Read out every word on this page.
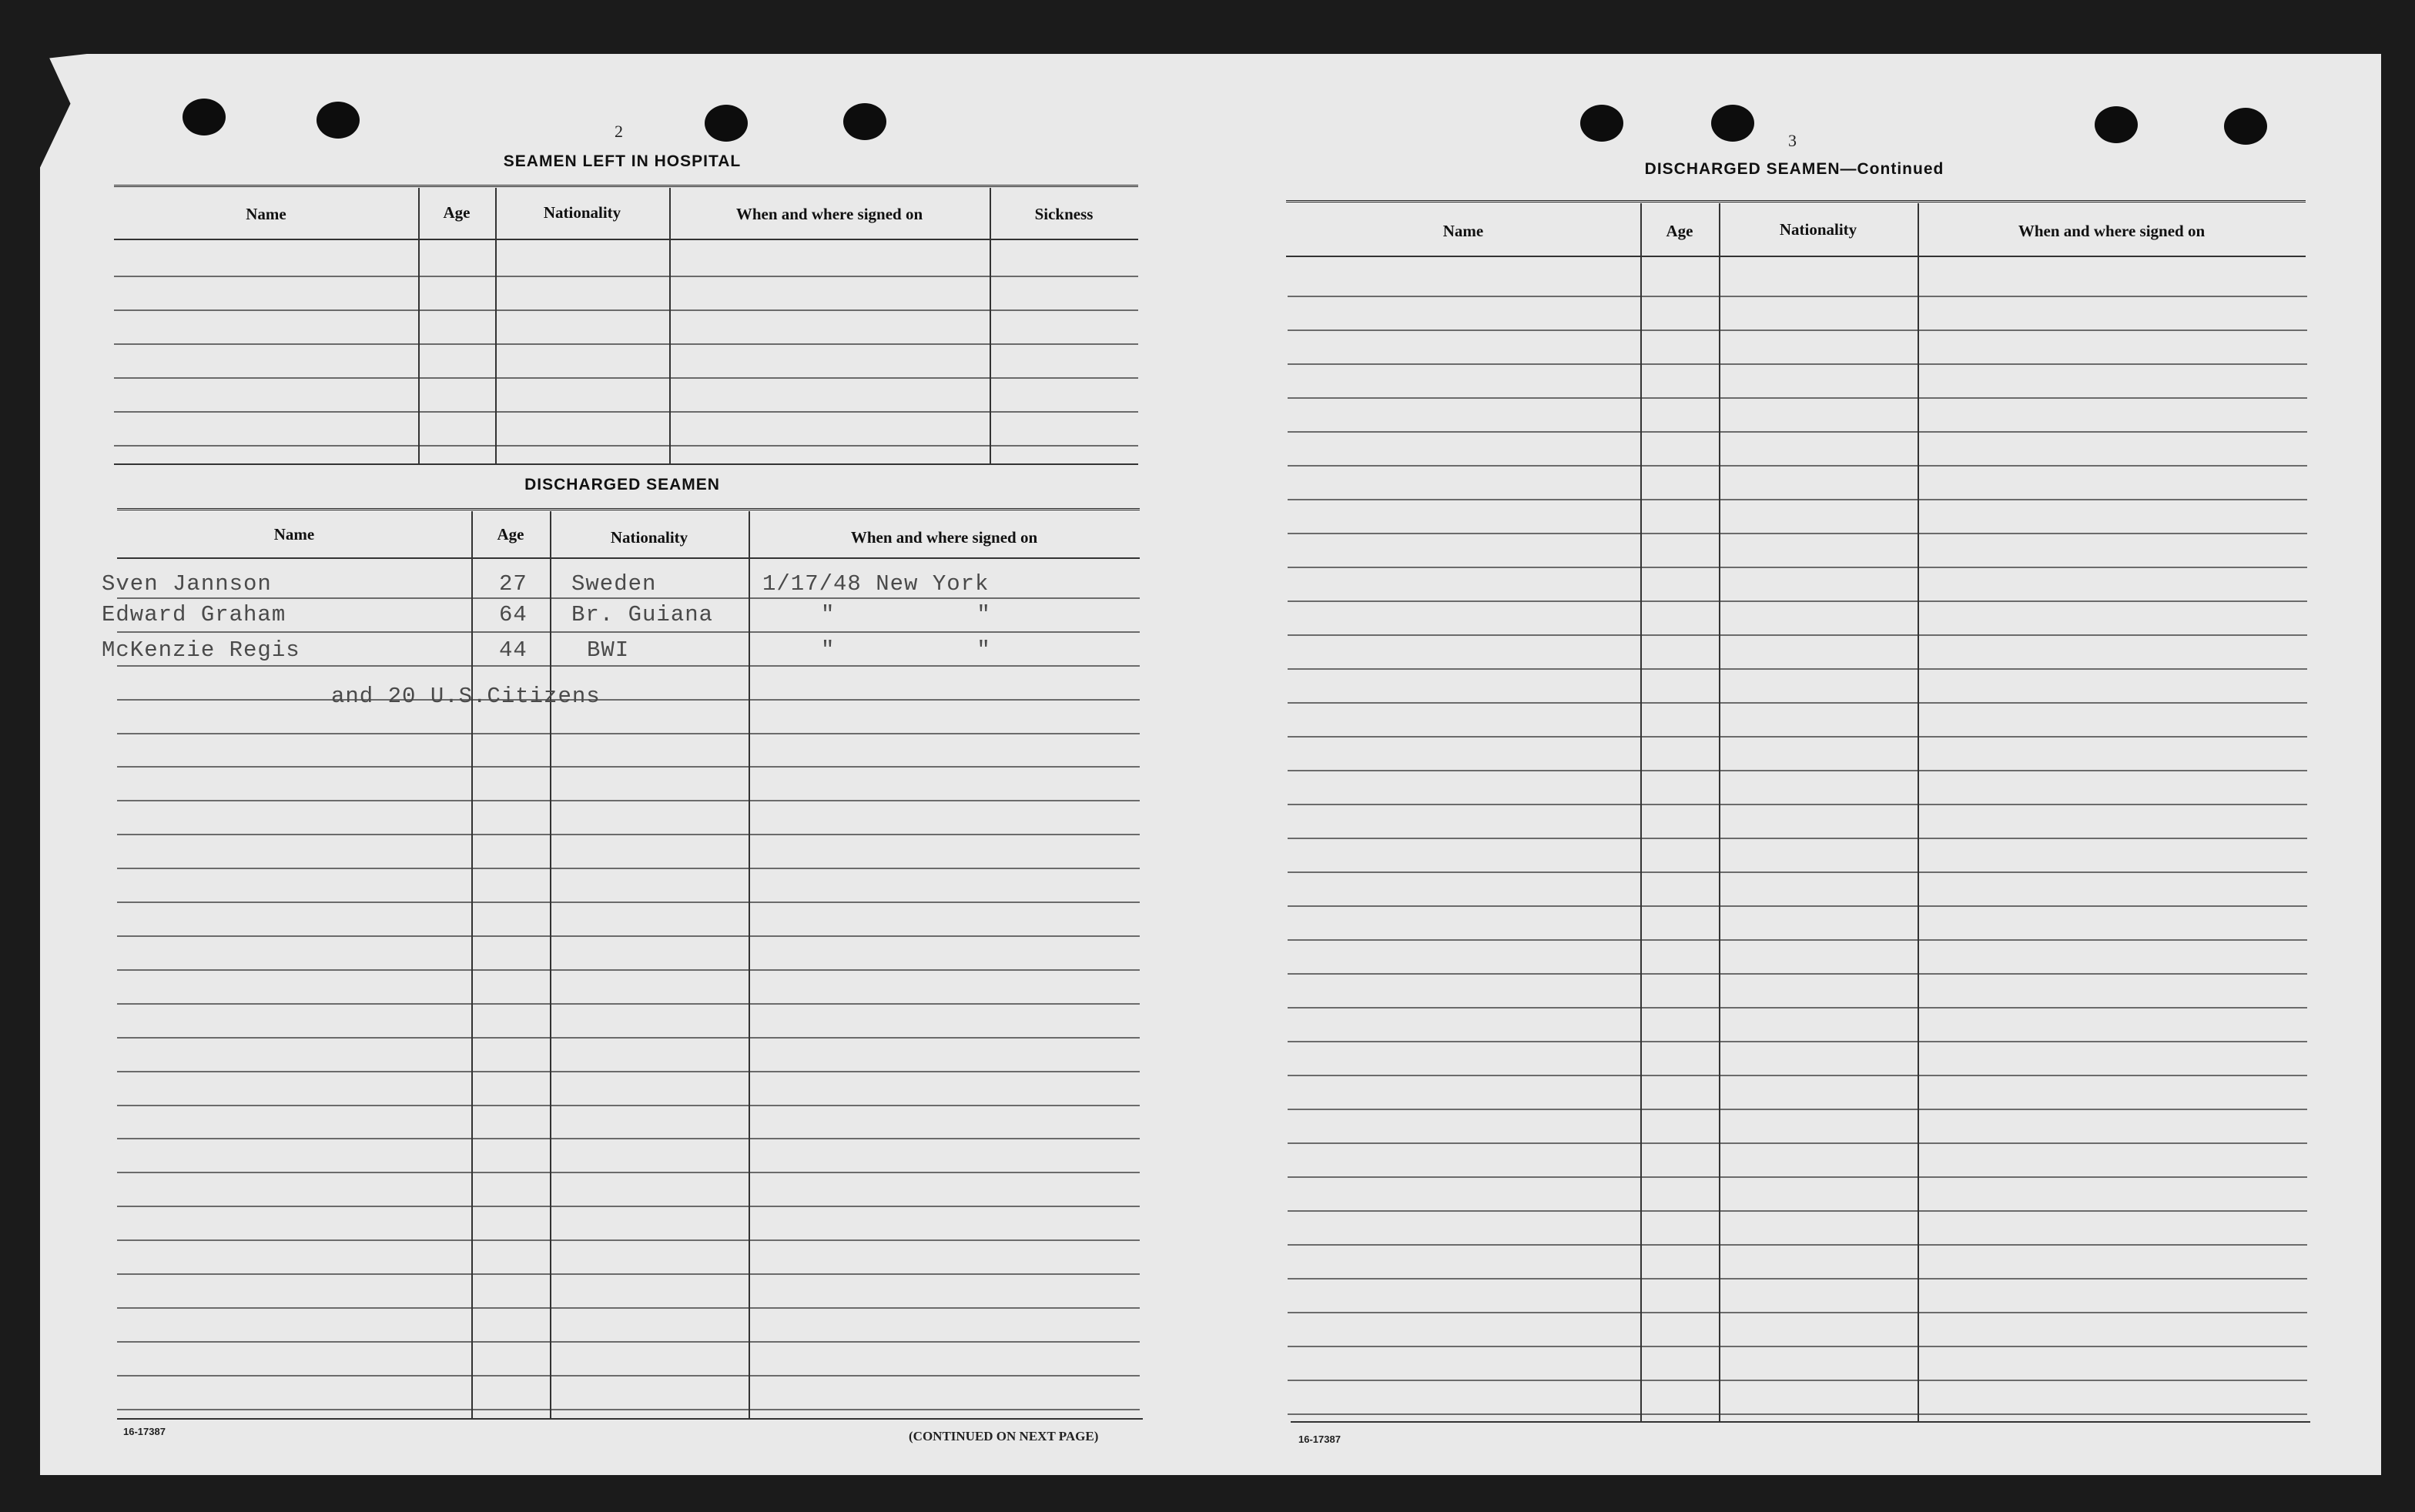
2
SEAMEN LEFT IN HOSPITAL
Name	Age	Nationality	When and where signed on	Sickness
DISCHARGED SEAMEN
Name	Age	Nationality	When and where signed on
Sven Jannson	27 Sweden	1/17/48 New York
Edward Graham	64 Br. Guiana	"          "
McKenzie Regis	44	BWI	"          "
and 20 U.S.Citizens
16-17387	(CONTINUED ON NEXT PAGE)
3
DISCHARGED SEAMEN—Continued
Name	Age	Nationality	When and where signed on
16-17387
